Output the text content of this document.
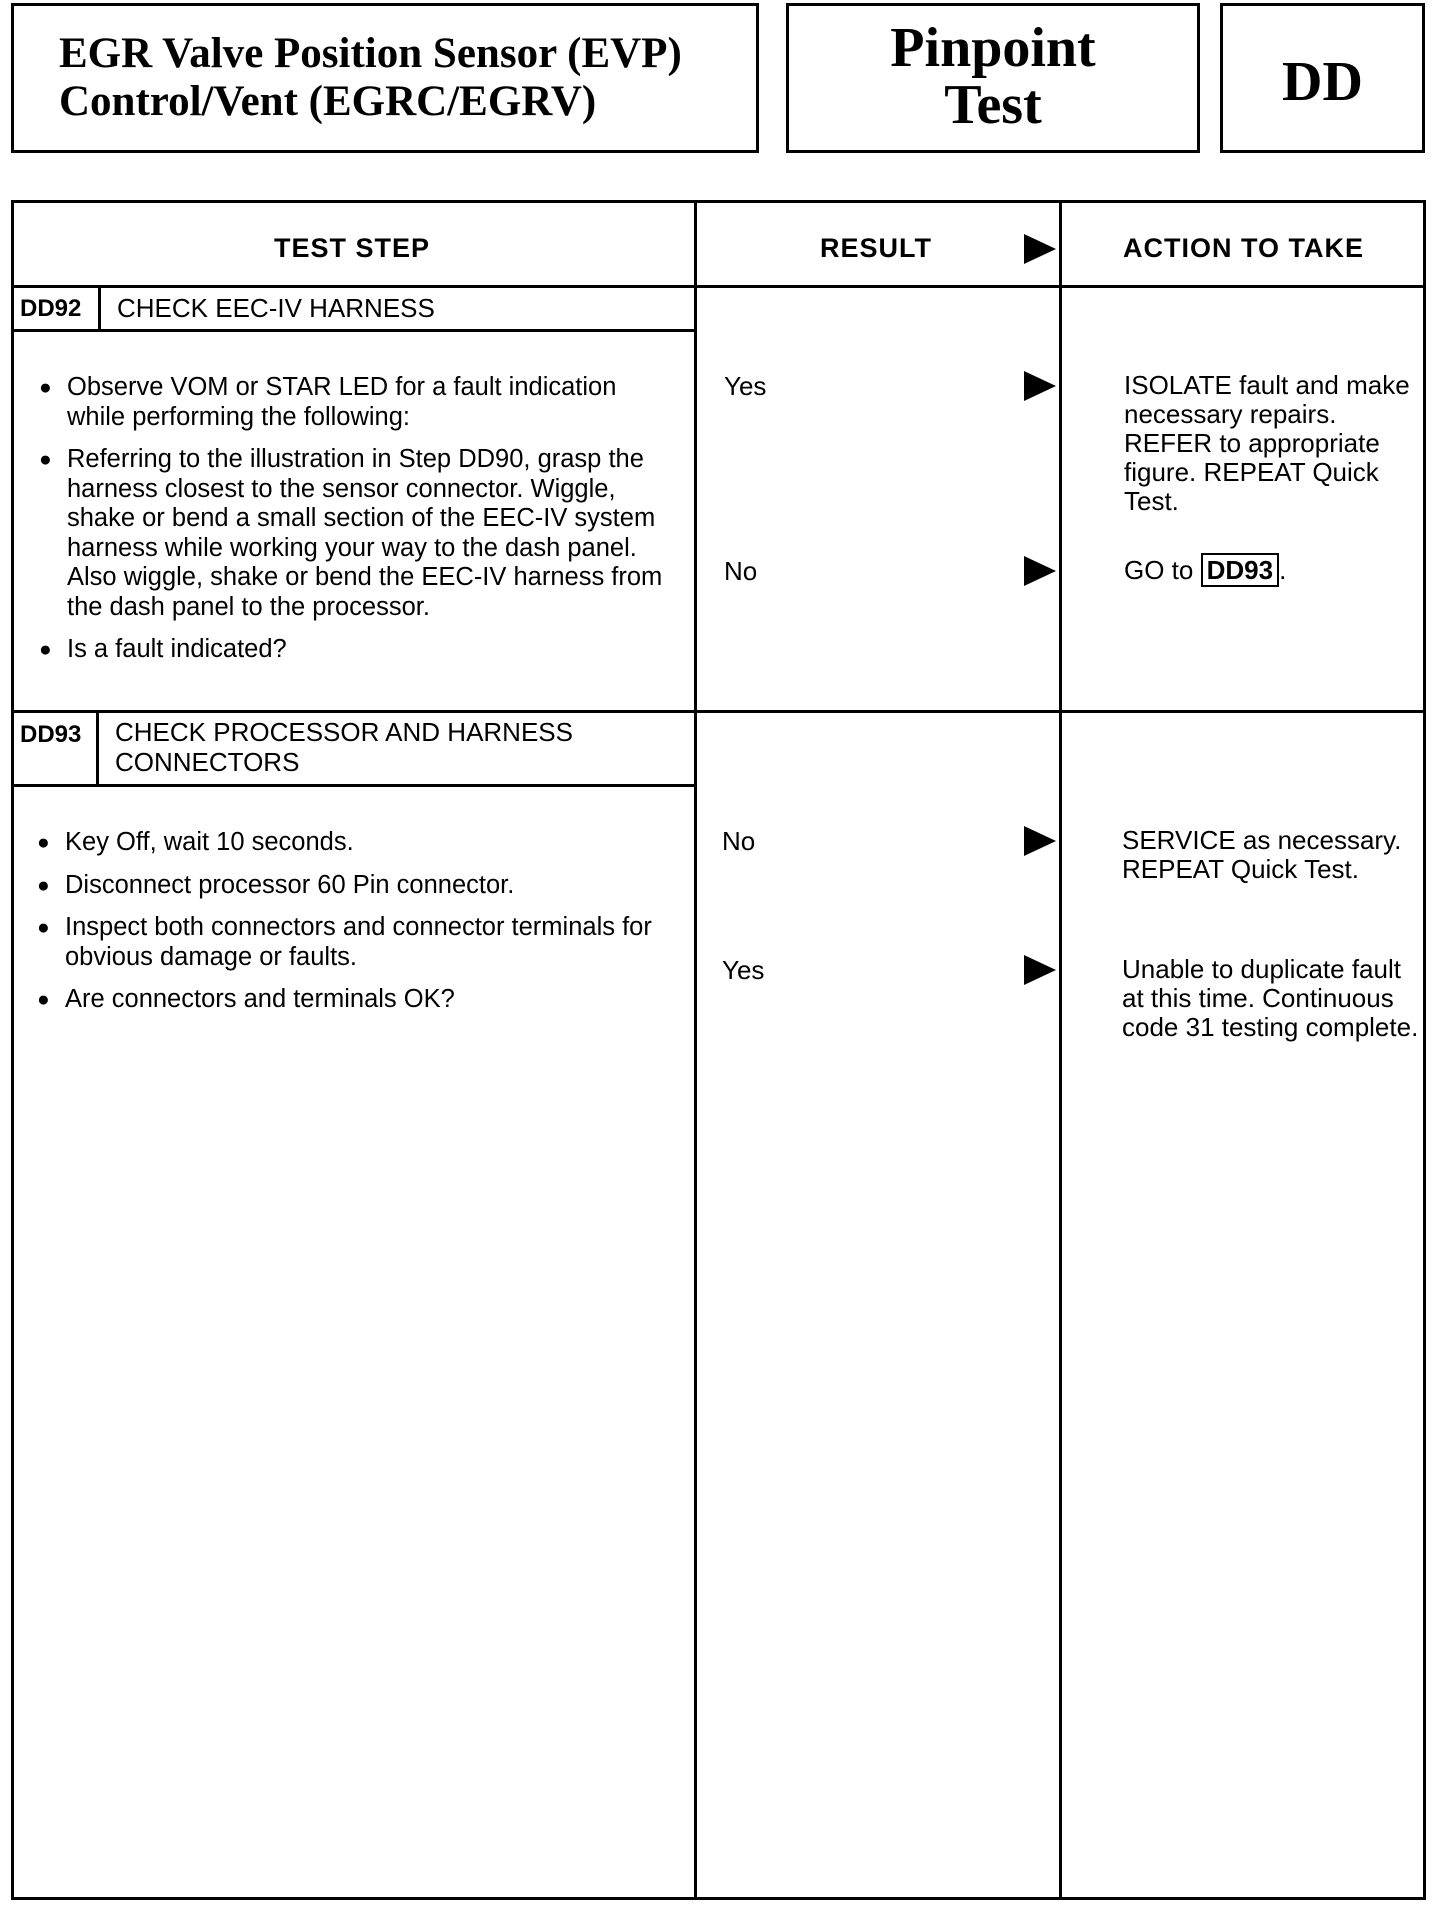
EGR Valve Position Sensor (EVP)
Control/Vent (EGRC/EGRV)
Pinpoint
Test	DD
TEST STEP	RESULT	ACTION TO TAKE
DD92 CHECK EEC-IV HARNESS
● Observe VOM or STAR LED for a fault indication while performing the following:
● Referring to the illustration in Step DD90, grasp the harness closest to the sensor connector. Wiggle, shake or bend a small section of the EEC-IV system harness while working your way to the dash panel. Also wiggle, shake or bend the EEC-IV harness from the dash panel to the processor.
● Is a fault indicated?
Yes	ISOLATE fault and make necessary repairs. REFER to appropriate figure. REPEAT Quick Test.
No	GO to DD93 .
DD93 CHECK PROCESSOR AND HARNESS
CONNECTORS
● Key Off, wait 10 seconds.
● Disconnect processor 60 Pin connector.
● Inspect both connectors and connector terminals for obvious damage or faults.
● Are connectors and terminals OK?
No	SERVICE as necessary. REPEAT Quick Test.
Yes	Unable to duplicate fault at this time. Continuous code 31 testing complete.
